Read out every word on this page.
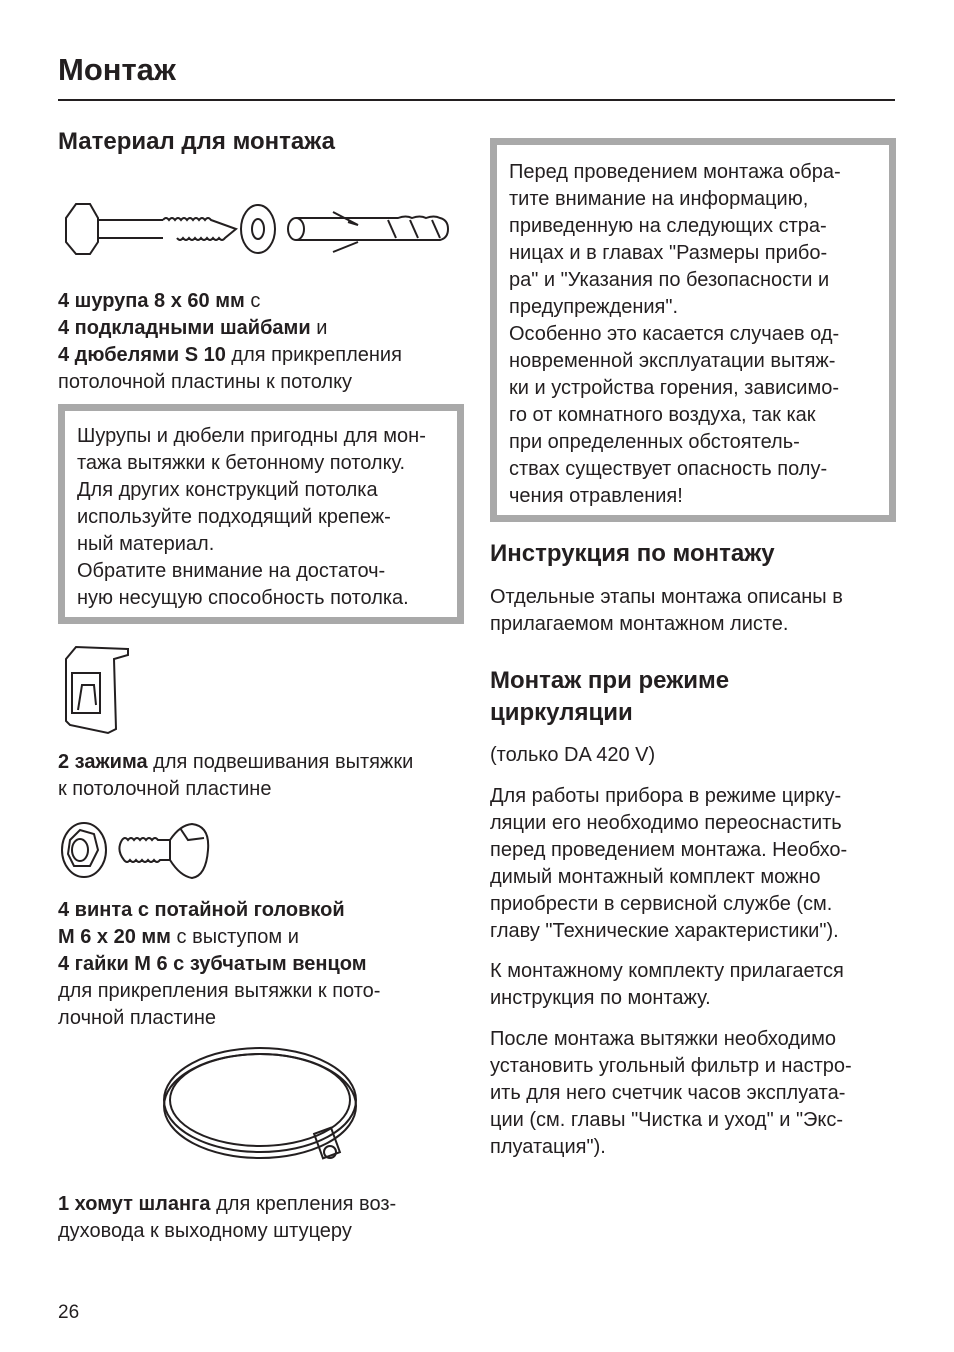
Монтаж
Материал для монтажа

4 шурупа 8 x 60 мм с

4 подкладными шайбами и

4 дюбелями S 10 для прикрепления

потолочной пластины к потолку

Шурупы и дюбели пригодны для мон-

тажа вытяжки к бетонному потолку.

Для других конструкций потолка

используйте подходящий крепеж-

ный материал.

Обратите внимание на достаточ-

ную несущую способность потолка.

2 зажима для подвешивания вытяжки

к потолочной пластине

4 винта с потайной головкой

М 6 x 20 мм с выступом и

4 гайки М 6 с зубчатым венцом

для прикрепления вытяжки к пото-

лочной пластине

1 хомут шланга для крепления воз-

духовода к выходному штуцеру

Перед проведением монтажа обра-

тите внимание на информацию,

приведенную на следующих стра-

ницах и в главах "Размеры прибо-

ра" и "Указания по безопасности и

предупреждения".

Особенно это касается случаев од-

новременной эксплуатации вытяж-

ки и устройства горения, зависимо-

го от комнатного воздуха, так как

при определенных обстоятель-

ствах существует опасность полу-

чения отравления!

Инструкция по монтажу

Отдельные этапы монтажа описаны в

прилагаемом монтажном листе.

Монтаж при режиме
циркуляции

(только DA 420 V)

Для работы прибора в режиме цирку-

ляции его необходимо переоснастить

перед проведением монтажа. Необхо-

димый монтажный комплект можно

приобрести в сервисной службе (см.

главу "Технические характеристики").

К монтажному комплекту прилагается

инструкция по монтажу.

После монтажа вытяжки необходимо

установить угольный фильтр и настро-

ить для него счетчик часов эксплуата-

ции (см. главы "Чистка и уход" и "Экс-

плуатация").

26
